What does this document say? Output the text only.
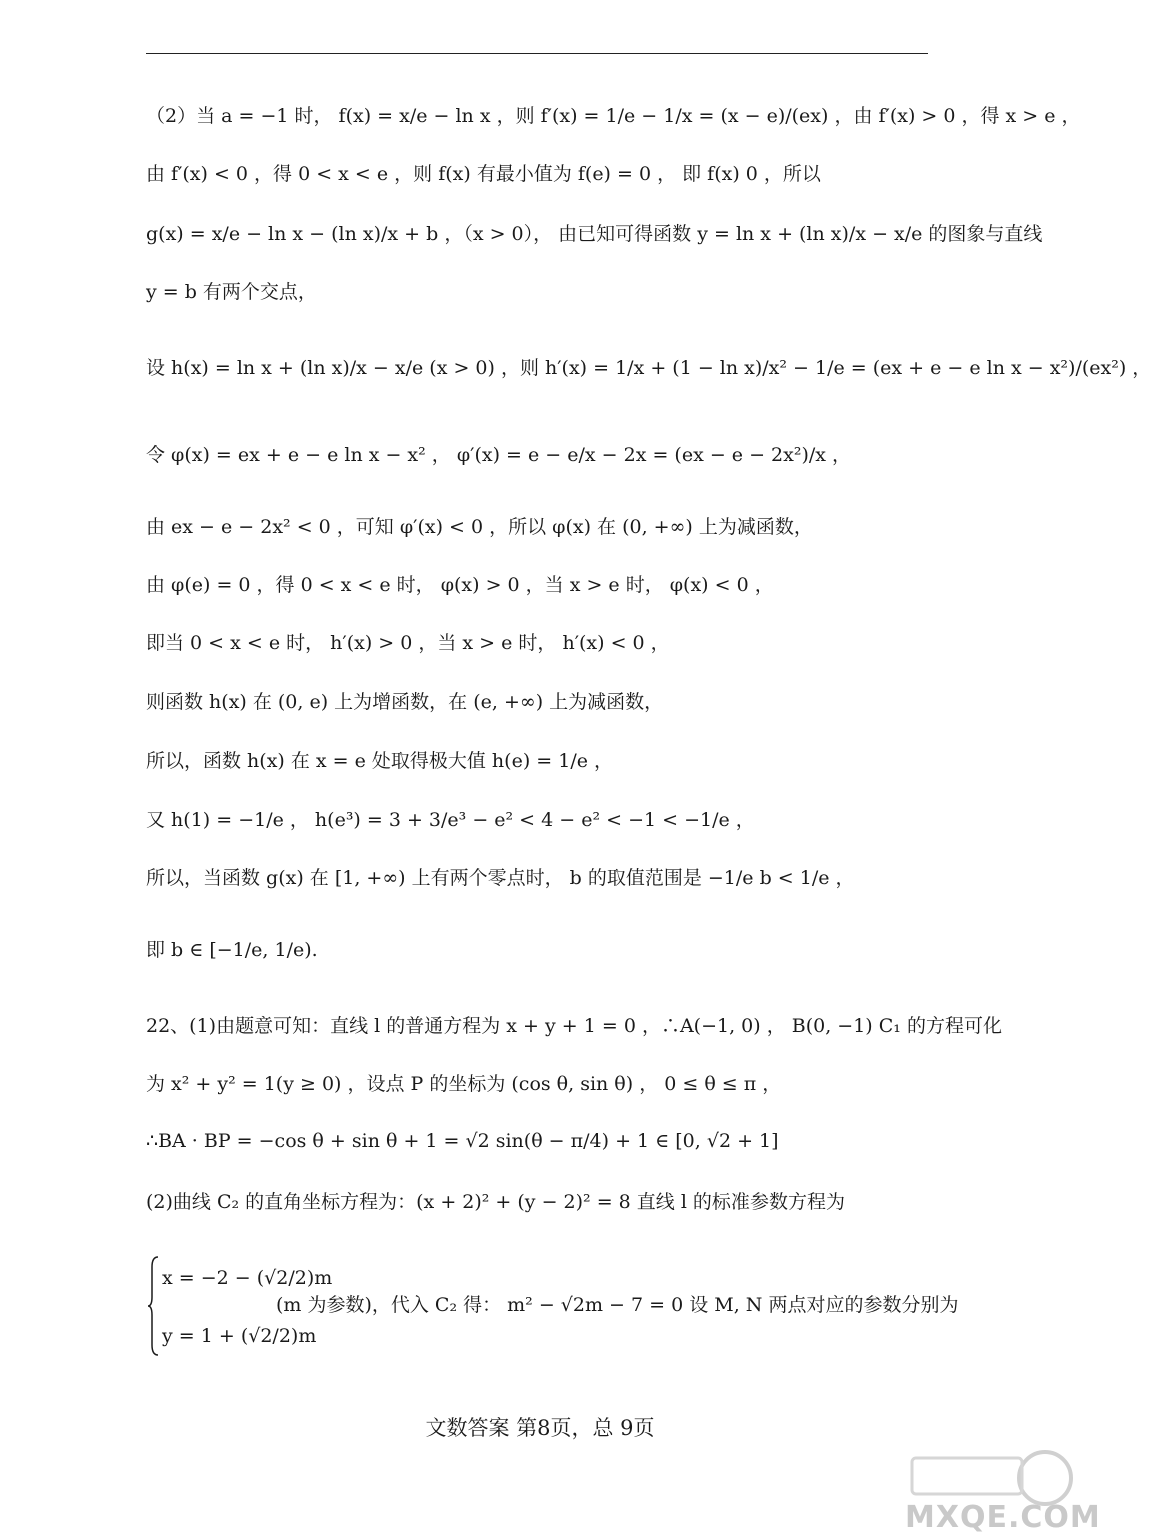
（2）当 a = −1 时， f(x) = x/e − ln x ，则 f′(x) = 1/e − 1/x = (x − e)/(ex) ，由 f′(x) > 0 ，得 x > e ，
由 f′(x) < 0 ，得 0 < x < e ，则 f(x) 有最小值为 f(e) = 0 ， 即 f(x) 0 ，所以
g(x) = x/e − ln x − (ln x)/x + b ，（x > 0）， 由已知可得函数 y = ln x + (ln x)/x − x/e 的图象与直线
y = b 有两个交点，
设 h(x) = ln x + (ln x)/x − x/e (x > 0) ，则 h′(x) = 1/x + (1 − ln x)/x² − 1/e = (ex + e − e ln x − x²)/(ex²) ，
令 φ(x) = ex + e − e ln x − x² ， φ′(x) = e − e/x − 2x = (ex − e − 2x²)/x ，
由 ex − e − 2x² < 0 ，可知 φ′(x) < 0 ，所以 φ(x) 在 (0, +∞) 上为减函数，
由 φ(e) = 0 ，得 0 < x < e 时， φ(x) > 0 ，当 x > e 时， φ(x) < 0 ，
即当 0 < x < e 时， h′(x) > 0 ，当 x > e 时， h′(x) < 0 ，
则函数 h(x) 在 (0, e) 上为增函数，在 (e, +∞) 上为减函数，
所以，函数 h(x) 在 x = e 处取得极大值 h(e) = 1/e ，
又 h(1) = −1/e ， h(e³) = 3 + 3/e³ − e² < 4 − e² < −1 < −1/e ，
所以，当函数 g(x) 在 [1, +∞) 上有两个零点时， b 的取值范围是 −1/e b < 1/e ，
即 b ∈ [−1/e, 1/e).
22、(1)由题意可知：直线 l 的普通方程为 x + y + 1 = 0 ，∴A(−1, 0) ， B(0, −1) C₁ 的方程可化
为 x² + y² = 1(y ≥ 0) ，设点 P 的坐标为 (cos θ, sin θ) ， 0 ≤ θ ≤ π ，
∴BA · BP = −cos θ + sin θ + 1 = √2 sin(θ − π/4) + 1 ∈ [0, √2 + 1]
(2)曲线 C₂ 的直角坐标方程为：(x + 2)² + (y − 2)² = 8 直线 l 的标准参数方程为
x = −2 − (√2/2)m
(m 为参数)，代入 C₂ 得： m² − √2m − 7 = 0 设 M, N 两点对应的参数分别为
y = 1 + (√2/2)m
文数答案 第8页，总 9页
MXQE.COM
